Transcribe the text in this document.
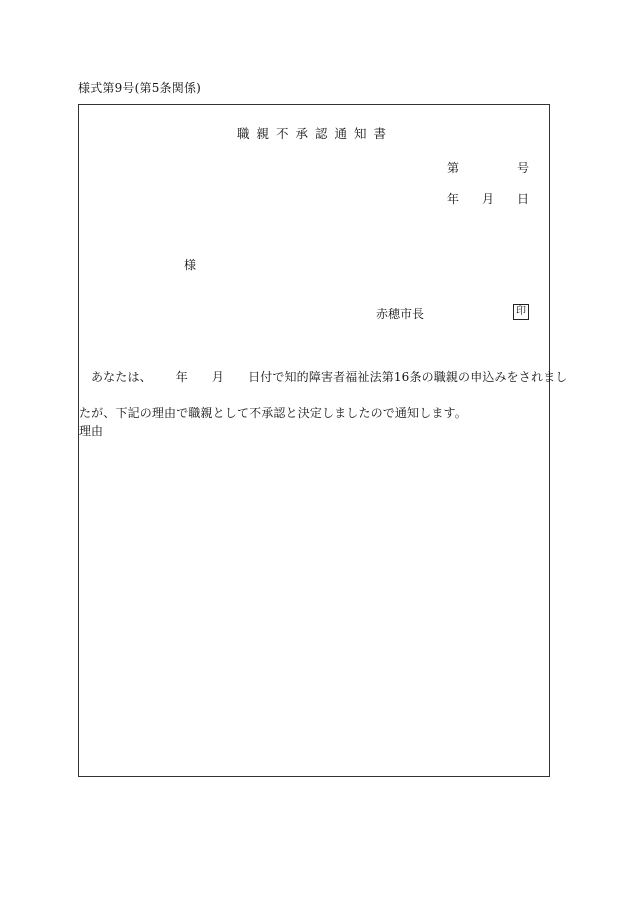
様式第9号(第5条関係)
職親不承認通知書
第	号
年 月 日
様
赤穂市長	印
あなたは、 年 月 日付で知的障害者福祉法第16条の職親の申込みをされまし
たが、下記の理由で職親として不承認と決定しましたので通知します。
理由
